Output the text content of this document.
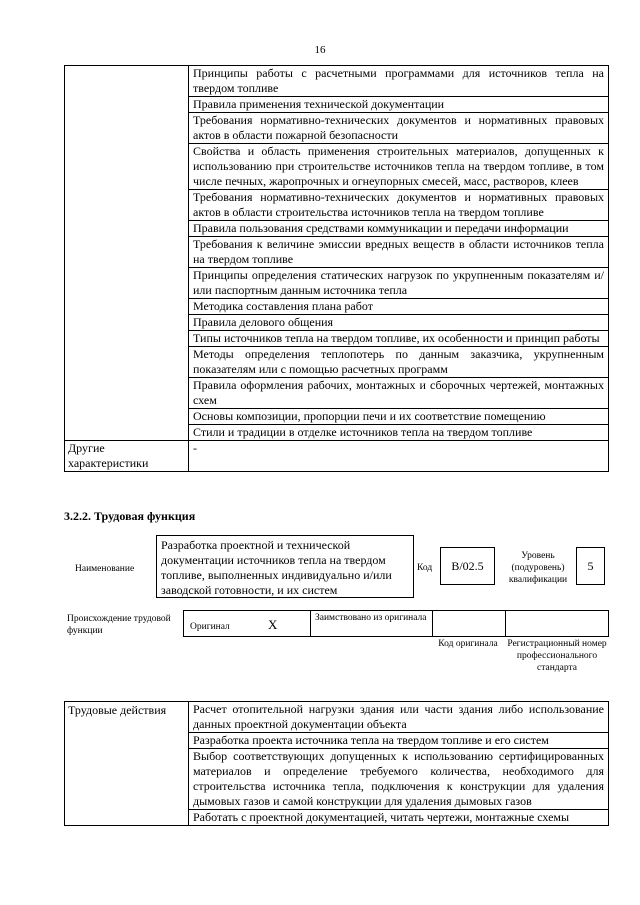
16
	Принципы работы с расчетными программами для источников тепла на твердом топливе
	Правила применения технической документации
	Требования нормативно-технических документов и нормативных правовых актов в области пожарной безопасности
	Свойства и область применения строительных материалов, допущенных к использованию при строительстве источников тепла на твердом топливе, в том числе печных, жаропрочных и огнеупорных смесей, масс, растворов, клеев
	Требования нормативно-технических документов и нормативных правовых актов в области строительства источников тепла на твердом топливе
	Правила пользования средствами коммуникации и передачи информации
	Требования к величине эмиссии вредных веществ в области источников тепла на твердом топливе
	Принципы определения статических нагрузок по укрупненным показателям и/или паспортным данным источника тепла
	Методика составления плана работ
	Правила делового общения
	Типы источников тепла на твердом топливе, их особенности и принцип работы
	Методы определения теплопотерь по данным заказчика, укрупненным показателям или с помощью расчетных программ
	Правила оформления рабочих, монтажных и сборочных чертежей, монтажных схем
	Основы композиции, пропорции печи и их соответствие помещению
	Стили и традиции в отделке источников тепла на твердом топливе
Другие характеристики	-
3.2.2. Трудовая функция
Наименование
Разработка проектной и технической документации источников тепла на твердом топливе, выполненных индивидуально и/или заводской готовности, и их систем
Код	B/02.5
Уровень (подуровень) квалификации
5
Происхождение трудовой функции	Оригинал	X	Заимствовано из оригинала
Код оригинала Регистрационный номер профессионального стандарта
Трудовые действия	Расчет отопительной нагрузки здания или части здания либо использование данных проектной документации объекта
Разработка проекта источника тепла на твердом топливе и его систем
Выбор соответствующих допущенных к использованию сертифицированных материалов и определение требуемого количества, необходимого для строительства источника тепла, подключения к конструкции для удаления дымовых газов и самой конструкции для удаления дымовых газов
Работать с проектной документацией, читать чертежи, монтажные схемы
